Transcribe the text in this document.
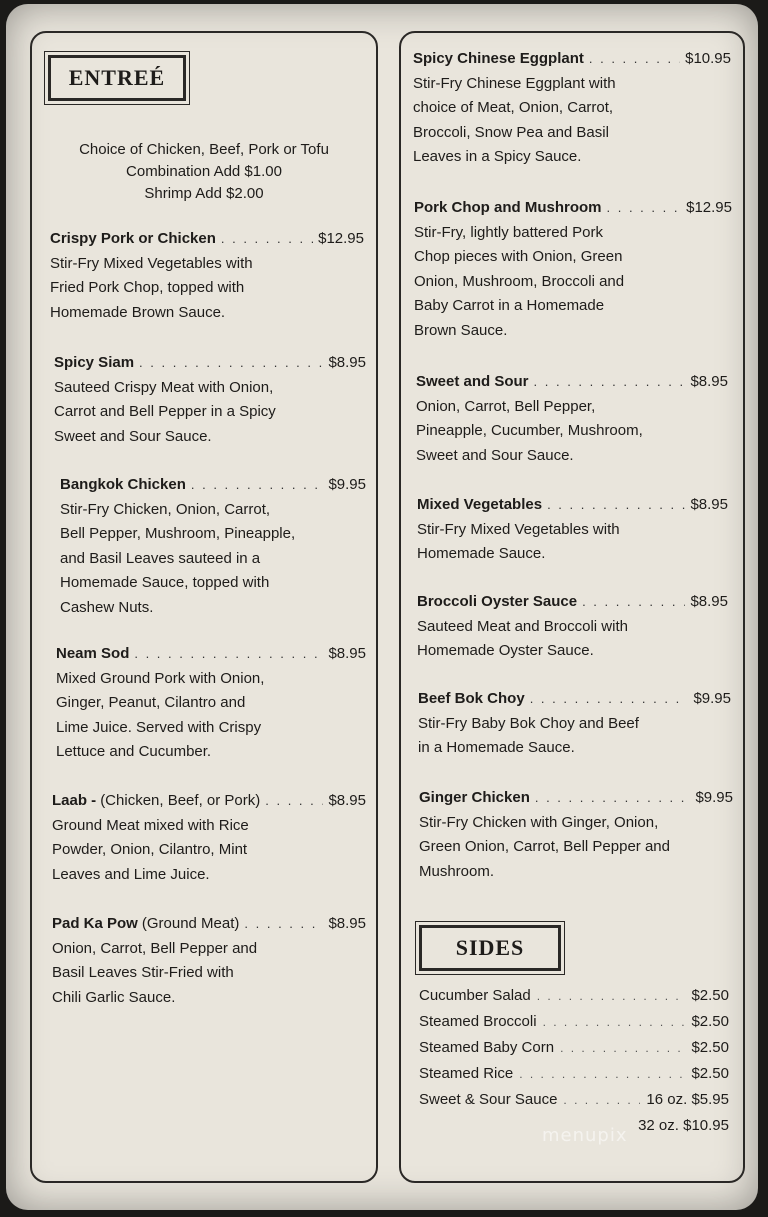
ENTREÉ
Choice of Chicken, Beef, Pork or Tofu
Combination Add $1.00
Shrimp Add $2.00
Crispy Pork or Chicken . . .	$12.95
Stir-Fry Mixed Vegetables with
Fried Pork Chop, topped with
Homemade Brown Sauce.
Spicy Siam . . .	$8.95
Sauteed Crispy Meat with Onion,
Carrot and Bell Pepper in a Spicy
Sweet and Sour Sauce.
Bangkok Chicken . . .	$9.95
Stir-Fry Chicken, Onion, Carrot,
Bell Pepper, Mushroom, Pineapple,
and Basil Leaves sauteed in a
Homemade Sauce, topped with
Cashew Nuts.
Neam Sod . . .	$8.95
Mixed Ground Pork with Onion,
Ginger, Peanut, Cilantro and
Lime Juice. Served with Crispy
Lettuce and Cucumber.
Laab - (Chicken, Beef, or Pork) . . .	$8.95
Ground Meat mixed with Rice
Powder, Onion, Cilantro, Mint
Leaves and Lime Juice.
Pad Ka Pow (Ground Meat) . . .	$8.95
Onion, Carrot, Bell Pepper and
Basil Leaves Stir-Fried with
Chili Garlic Sauce.
Spicy Chinese Eggplant . . .	$10.95
Stir-Fry Chinese Eggplant with
choice of Meat, Onion, Carrot,
Broccoli, Snow Pea and Basil
Leaves in a Spicy Sauce.
Pork Chop and Mushroom . . .	$12.95
Stir-Fry, lightly battered Pork
Chop pieces with Onion, Green
Onion, Mushroom, Broccoli and
Baby Carrot in a Homemade
Brown Sauce.
Sweet and Sour . . .	$8.95
Onion, Carrot, Bell Pepper,
Pineapple, Cucumber, Mushroom,
Sweet and Sour Sauce.
Mixed Vegetables . . .	$8.95
Stir-Fry Mixed Vegetables with
Homemade Sauce.
Broccoli Oyster Sauce . . .	$8.95
Sauteed Meat and Broccoli with
Homemade Oyster Sauce.
Beef Bok Choy . . .	$9.95
Stir-Fry Baby Bok Choy and Beef
in a Homemade Sauce.
Ginger Chicken . . .	$9.95
Stir-Fry Chicken with Ginger, Onion,
Green Onion, Carrot, Bell Pepper and
Mushroom.
SIDES
Cucumber Salad . . .	$2.50
Steamed Broccoli . . .	$2.50
Steamed Baby Corn . . .	$2.50
Steamed Rice . . .	$2.50
Sweet & Sour Sauce . . .	16 oz. $5.95
32 oz. $10.95
menupix
